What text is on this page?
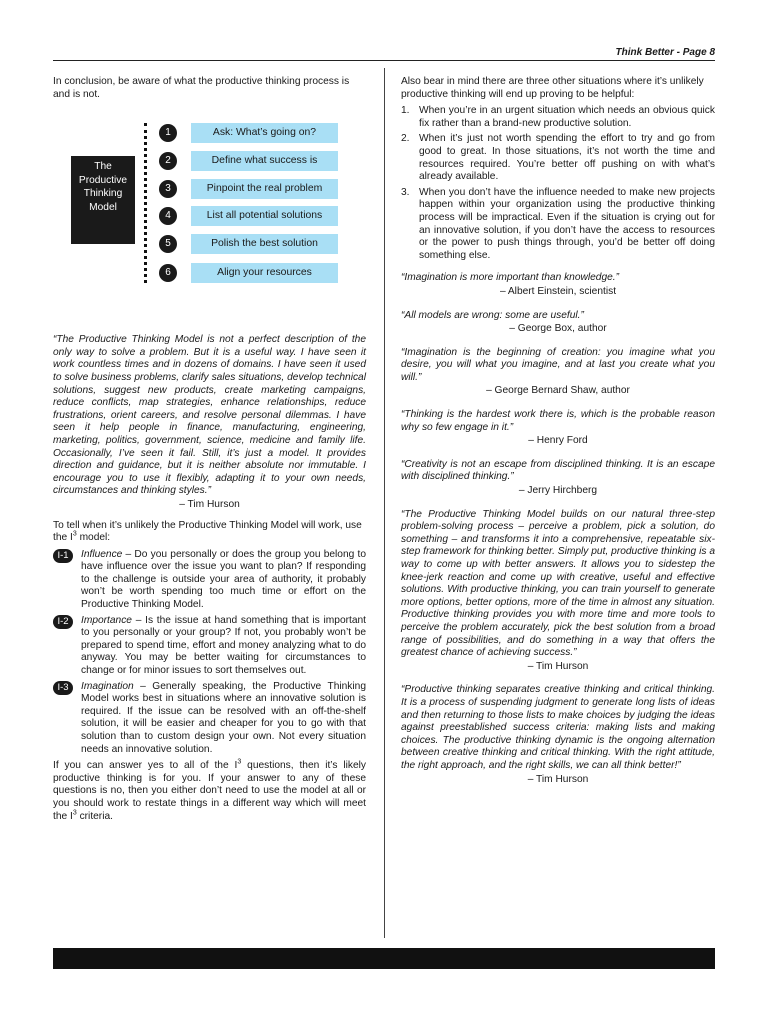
Think Better - Page 8

In conclusion, be aware of what the productive thinking process is and is not.

The
Productive
Thinking
Model
1	Ask: What’s going on?
2	Define what success is
3	Pinpoint the real problem
4	List all potential solutions
5	Polish the best solution
6	Align your resources

“The Productive Thinking Model is not a perfect description of the only way to solve a problem. But it is a useful way. I have seen it work countless times and in dozens of domains. I have seen it used to solve business problems, clarify sales situations, develop technical solutions, suggest new products, create marketing campaigns, reduce conflicts, map strategies, enhance relationships, reduce frustrations, orient careers, and resolve personal dilemmas. I have seen it help people in finance, manufacturing, engineering, marketing, politics, government, science, medicine and family life. Occasionally, I’ve seen it fail. Still, it’s just a model. It provides direction and guidance, but it is neither absolute nor immutable. I encourage you to use it flexibly, adapting it to your own needs, circumstances and thinking styles.”

– Tim Hurson

To tell when it’s unlikely the Productive Thinking Model will work, use the $I^3$ model:

I-1	Influence – Do you personally or does the group you belong to have influence over the issue you want to plan? If responding to the challenge is outside your area of authority, it probably won’t be worth spending too much time or effort on the Productive Thinking Model.
I-2	Importance – Is the issue at hand something that is important to you personally or your group? If not, you probably won’t be prepared to spend time, effort and money analyzing what to do anyway. You may be better waiting for circumstances to change or for minor issues to sort themselves out.
I-3	Imagination – Generally speaking, the Productive Thinking Model works best in situations where an innovative solution is required. If the issue can be resolved with an off-the-shelf solution, it will be easier and cheaper for you to go with that solution than to custom design your own. Not every situation needs an innovative solution.

If you can answer yes to all of the $I^3$ questions, then it’s likely productive thinking is for you. If your answer to any of these questions is no, then you either don’t need to use the model at all or you should work to restate things in a different way which will meet the $I^3$ criteria.

Also bear in mind there are three other situations where it’s unlikely productive thinking will end up proving to be helpful:

1. When you’re in an urgent situation which needs an obvious quick fix rather than a brand-new productive solution.
2. When it’s just not worth spending the effort to try and go from good to great. In those situations, it’s not worth the time and resources required. You’re better off pushing on with what’s already available.
3. When you don’t have the influence needed to make new projects happen within your organization using the productive thinking process will be impractical. Even if the situation is crying out for an innovative solution, if you don’t have the access to resources or the power to push things through, you’d be better off doing something else.

“Imagination is more important than knowledge.”

– Albert Einstein, scientist

“All models are wrong: some are useful.”

– George Box, author

“Imagination is the beginning of creation: you imagine what you desire, you will what you imagine, and at last you create what you will.”

– George Bernard Shaw, author

“Thinking is the hardest work there is, which is the probable reason why so few engage in it.”

– Henry Ford

“Creativity is not an escape from disciplined thinking. It is an escape with disciplined thinking.”

– Jerry Hirchberg

“The Productive Thinking Model builds on our natural three-step problem-solving process – perceive a problem, pick a solution, do something – and transforms it into a comprehensive, repeatable six-step framework for thinking better. Simply put, productive thinking is a way to come up with better answers. It allows you to sidestep the knee-jerk reaction and come up with creative, useful and effective solutions. With productive thinking, you can train yourself to generate more options, better options, more of the time in almost any situation. Productive thinking provides you with more time and more tools to perceive the problem accurately, pick the best solution from a broad range of possibilities, and do something in a way that offers the greatest chance of achieving success.”

– Tim Hurson

“Productive thinking separates creative thinking and critical thinking. It is a process of suspending judgment to generate long lists of ideas and then returning to those lists to make choices by judging the ideas against preestablished success criteria: making lists and making choices. The productive thinking dynamic is the ongoing alternation between creative thinking and critical thinking. With the right attitude, the right approach, and the right skills, we can all think better!”

– Tim Hurson
